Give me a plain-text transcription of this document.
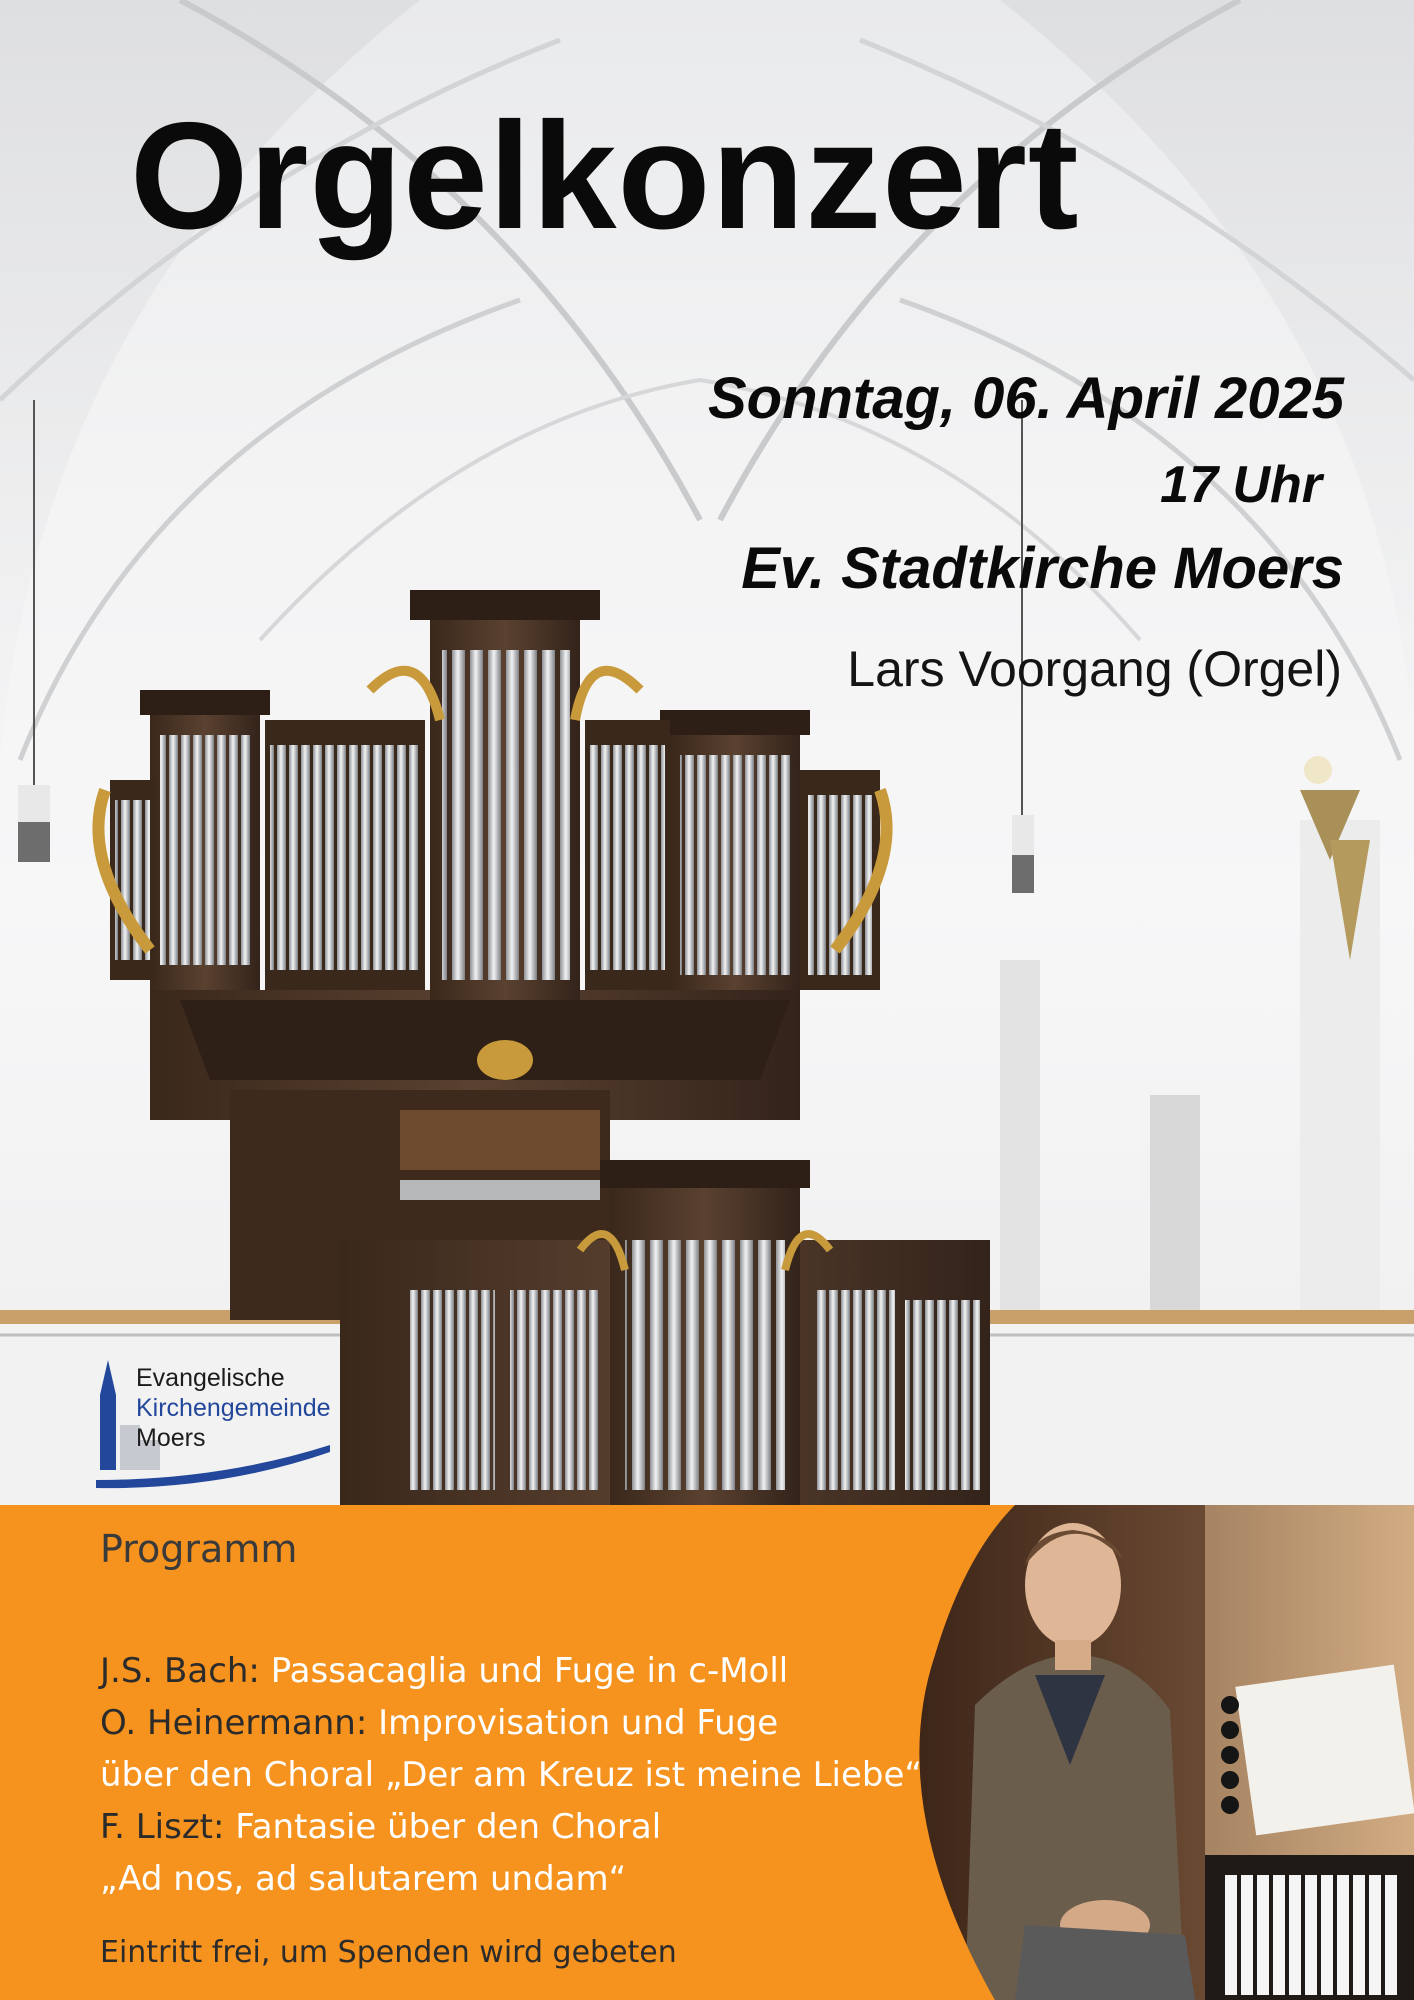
Orgelkonzert
Sonntag, 06. April 2025
17 Uhr
Ev. Stadtkirche Moers
Lars Voorgang (Orgel)
Evangelische
Kirchengemeinde
Moers
Programm
J.S. Bach: Passacaglia und Fuge in c-Moll
O. Heinermann: Improvisation und Fuge
über den Choral „Der am Kreuz ist meine Liebe“
F. Liszt: Fantasie über den Choral
„Ad nos, ad salutarem undam“
Eintritt frei, um Spenden wird gebeten
